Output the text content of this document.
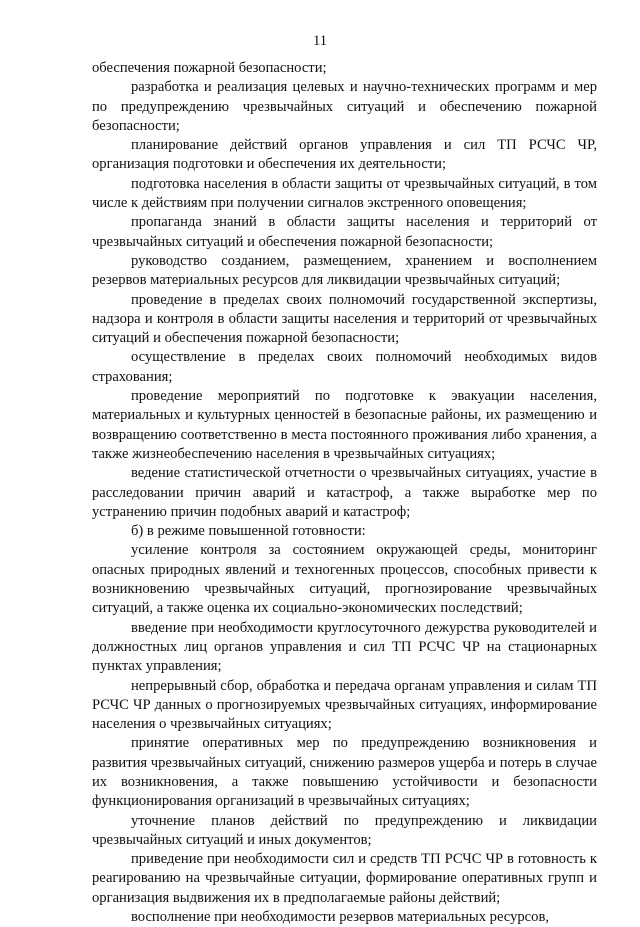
11

обеспечения пожарной безопасности;

разработка и реализация целевых и научно-технических программ и мер по предупреждению чрезвычайных ситуаций и обеспечению пожарной безопасности;

планирование действий органов управления и сил ТП РСЧС ЧР, организация подготовки и обеспечения их деятельности;

подготовка населения в области защиты от чрезвычайных ситуаций, в том числе к действиям при получении сигналов экстренного оповещения;

пропаганда знаний в области защиты населения и территорий от чрезвычайных ситуаций и обеспечения пожарной безопасности;

руководство созданием, размещением, хранением и восполнением резервов материальных ресурсов для ликвидации чрезвычайных ситуаций;

проведение в пределах своих полномочий государственной экспертизы, надзора и контроля в области защиты населения и территорий от чрезвычайных ситуаций и обеспечения пожарной безопасности;

осуществление в пределах своих полномочий необходимых видов страхования;

проведение мероприятий по подготовке к эвакуации населения, материальных и культурных ценностей в безопасные районы, их размещению и возвращению соответственно в места постоянного проживания либо хранения, а также жизнеобеспечению населения в чрезвычайных ситуациях;

ведение статистической отчетности о чрезвычайных ситуациях, участие в расследовании причин аварий и катастроф, а также выработке мер по устранению причин подобных аварий и катастроф;

б) в режиме повышенной готовности:

усиление контроля за состоянием окружающей среды, мониторинг опасных природных явлений и техногенных процессов, способных привести к возникновению чрезвычайных ситуаций, прогнозирование чрезвычайных ситуаций, а также оценка их социально-экономических последствий;

введение при необходимости круглосуточного дежурства руководителей и должностных лиц органов управления и сил ТП РСЧС ЧР на стационарных пунктах управления;

непрерывный сбор, обработка и передача органам управления и силам ТП РСЧС ЧР данных о прогнозируемых чрезвычайных ситуациях, информирование населения о чрезвычайных ситуациях;

принятие оперативных мер по предупреждению возникновения и развития чрезвычайных ситуаций, снижению размеров ущерба и потерь в случае их возникновения, а также повышению устойчивости и безопасности функционирования организаций в чрезвычайных ситуациях;

уточнение планов действий по предупреждению и ликвидации чрезвычайных ситуаций и иных документов;

приведение при необходимости сил и средств ТП РСЧС ЧР в готовность к реагированию на чрезвычайные ситуации, формирование оперативных групп и организация выдвижения их в предполагаемые районы действий;

восполнение при необходимости резервов материальных ресурсов,
